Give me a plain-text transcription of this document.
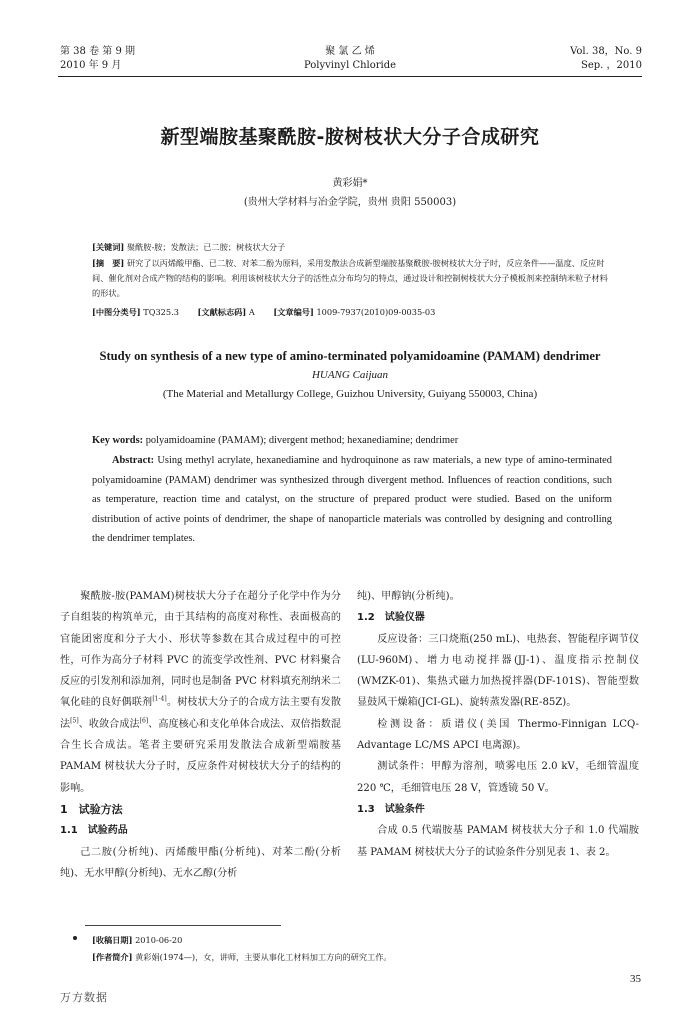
第 38 卷 第 9 期
2010 年 9 月
聚 氯 乙 烯
Polyvinyl Chloride
Vol. 38，No. 9
Sep. ，2010
新型端胺基聚酰胺-胺树枝状大分子合成研究
黄彩娟*
(贵州大学材料与冶金学院，贵州 贵阳 550003)
[关键词] 聚酰胺-胺；发散法；已二胺；树枝状大分子
[摘　要] 研究了以丙烯酸甲酯、已二胺、对苯二酚为原料，采用发散法合成新型端胺基聚酰胺-胺树枝状大分子时，反应条件——温度、反应时间、催化剂对合成产物的结构的影响。利用该树枝状大分子的活性点分布均匀的特点，通过设计和控制树枝状大分子模板剂来控制纳米粒子材料的形状。
[中图分类号] TQ325.3 [文献标志码] A [文章编号] 1009-7937(2010)09-0035-03
Study on synthesis of a new type of amino-terminated polyamidoamine (PAMAM) dendrimer
HUANG Caijuan
(The Material and Metallurgy College, Guizhou University, Guiyang 550003, China)
Key words: polyamidoamine (PAMAM); divergent method; hexanediamine; dendrimer
Abstract: Using methyl acrylate, hexanediamine and hydroquinone as raw materials, a new type of amino-terminated polyamidoamine (PAMAM) dendrimer was synthesized through divergent method. Influences of reaction conditions, such as temperature, reaction time and catalyst, on the structure of prepared product were studied. Based on the uniform distribution of active points of dendrimer, the shape of nanoparticle materials was controlled by designing and controlling the dendrimer templates.

聚酰胺-胺(PAMAM)树枝状大分子在超分子化学中作为分子自组装的构筑单元，由于其结构的高度对称性、表面极高的官能团密度和分子大小、形状等参数在其合成过程中的可控性，可作为高分子材料 PVC 的流变学改性剂、PVC 材料聚合反应的引发剂和添加剂，同时也是制备 PVC 材料填充剂纳米二氧化硅的良好偶联剂[1-4]。树枝状大分子的合成方法主要有发散法[5]、收敛合成法[6]、高度核心和支化单体合成法、双倍指数混合生长合成法。笔者主要研究采用发散法合成新型端胺基 PAMAM 树枝状大分子时，反应条件对树枝状大分子的结构的影响。

1　试验方法

1.1　试验药品

己二胺(分析纯)、丙烯酸甲酯(分析纯)、对苯二酚(分析纯)、无水甲醇(分析纯)、无水乙醇(分析

纯)、甲醇钠(分析纯)。

1.2　试验仪器

反应设备：三口烧瓶(250 mL)、电热套、智能程序调节仪(LU-960M)、增力电动搅拌器(JJ-1)、温度指示控制仪(WMZK-01)、集热式磁力加热搅拌器(DF-101S)、智能型数显鼓风干燥箱(JCI-GL)、旋转蒸发器(RE-85Z)。

检测设备：质谱仪(美国 Thermo-Finnigan LCQ-Advantage LC/MS APCI 电离源)。

测试条件：甲醇为溶剂，喷雾电压 2.0 kV，毛细管温度 220 ℃，毛细管电压 28 V，管透镜 50 V。

1.3　试验条件

合成 0.5 代端胺基 PAMAM 树枝状大分子和 1.0 代端胺基 PAMAM 树枝状大分子的试验条件分别见表 1、表 2。

[收稿日期] 2010-06-20
[作者简介] 黄彩娟(1974—)，女，讲师，主要从事化工材料加工方向的研究工作。
35
万方数据
